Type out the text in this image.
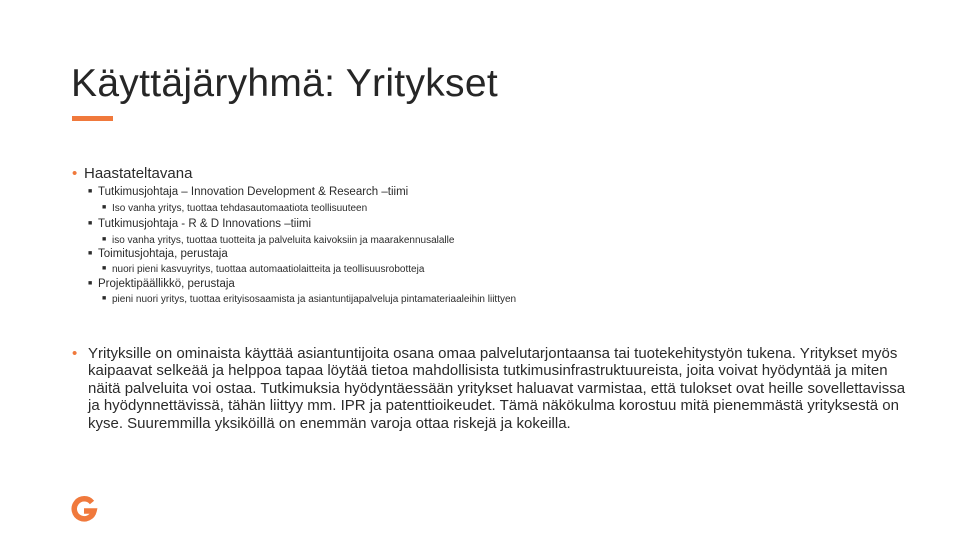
Käyttäjäryhmä: Yritykset
• Haastateltavana
■ Tutkimusjohtaja – Innovation Development & Research –tiimi
■ Iso vanha yritys, tuottaa tehdasautomaatiota teollisuuteen
■ Tutkimusjohtaja - R & D Innovations –tiimi
■ iso vanha yritys, tuottaa tuotteita ja palveluita kaivoksiin ja maarakennusalalle
■ Toimitusjohtaja, perustaja
■ nuori pieni kasvuyritys, tuottaa automaatiolaitteita ja teollisuusrobotteja
■ Projektipäällikkö, perustaja
■ pieni nuori yritys, tuottaa erityisosaamista ja asiantuntijapalveluja pintamateriaaleihin liittyen
• Yrityksille on ominaista käyttää asiantuntijoita osana omaa palvelutarjontaansa tai tuotekehitystyön tukena. Yritykset myös kaipaavat selkeää ja helppoa tapaa löytää tietoa mahdollisista tutkimusinfrastruktuureista, joita voivat hyödyntää ja miten näitä palveluita voi ostaa. Tutkimuksia hyödyntäessään yritykset haluavat varmistaa, että tulokset ovat heille sovellettavissa ja hyödynnettävissä, tähän liittyy mm. IPR ja patenttioikeudet. Tämä näkökulma korostuu mitä pienemmästä yrityksestä on kyse. Suuremmilla yksiköillä on enemmän varoja ottaa riskejä ja kokeilla.
